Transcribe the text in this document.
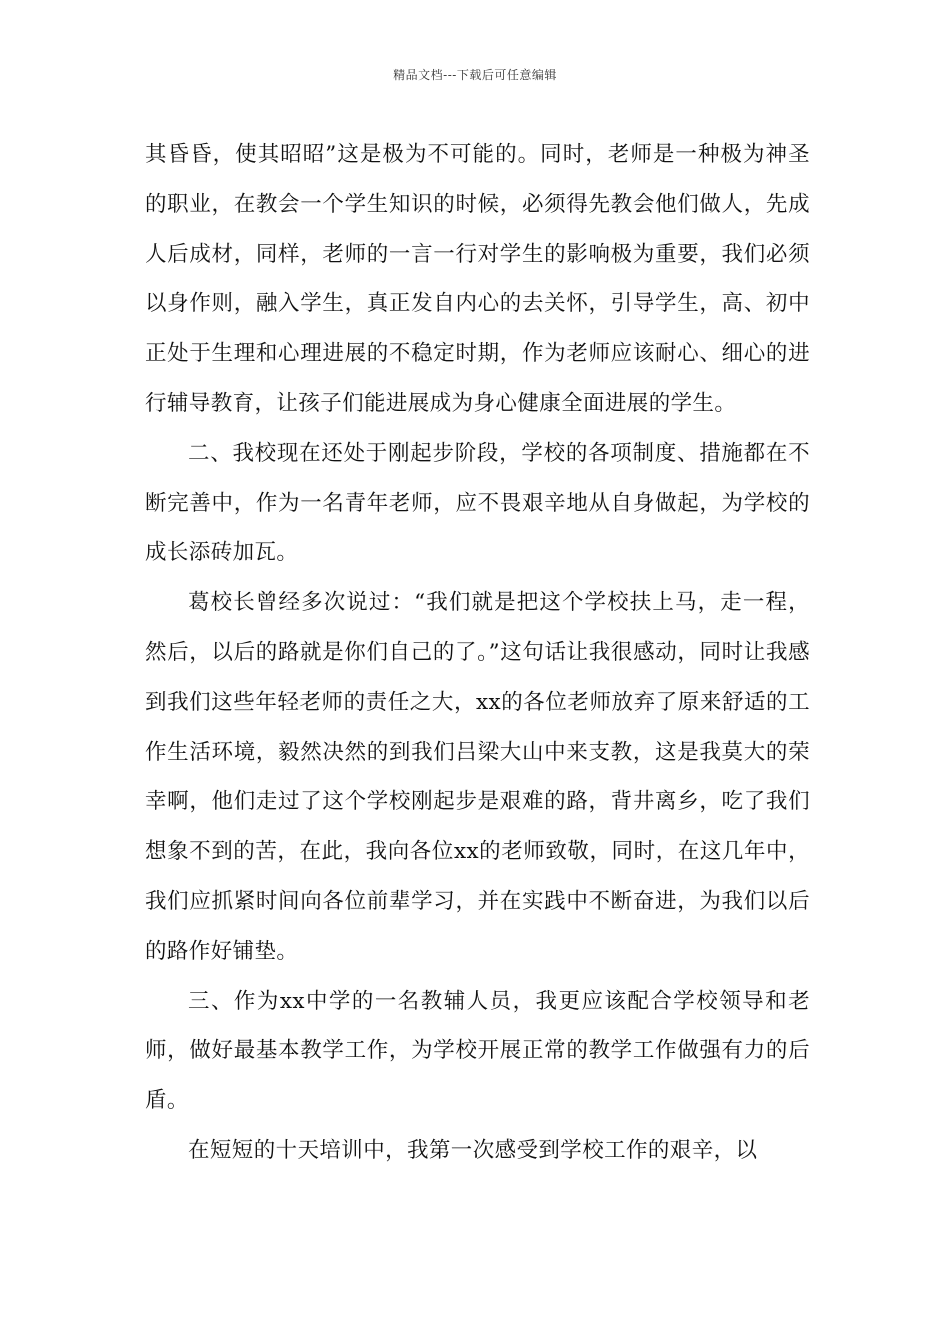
精品文档---下载后可任意编辑

其昏昏，使其昭昭”这是极为不可能的。同时，老师是一种极为神圣的职业，在教会一个学生知识的时候，必须得先教会他们做人，先成人后成材，同样，老师的一言一行对学生的影响极为重要，我们必须以身作则，融入学生，真正发自内心的去关怀，引导学生，高、初中正处于生理和心理进展的不稳定时期，作为老师应该耐心、细心的进行辅导教育，让孩子们能进展成为身心健康全面进展的学生。

二、我校现在还处于刚起步阶段，学校的各项制度、措施都在不断完善中，作为一名青年老师，应不畏艰辛地从自身做起，为学校的成长添砖加瓦。

葛校长曾经多次说过：“我们就是把这个学校扶上马，走一程，然后，以后的路就是你们自己的了。”这句话让我很感动，同时让我感到我们这些年轻老师的责任之大，xx的各位老师放弃了原来舒适的工作生活环境，毅然决然的到我们吕梁大山中来支教，这是我莫大的荣幸啊，他们走过了这个学校刚起步是艰难的路，背井离乡，吃了我们想象不到的苦，在此，我向各位xx的老师致敬，同时，在这几年中，我们应抓紧时间向各位前辈学习，并在实践中不断奋进，为我们以后的路作好铺垫。

三、作为xx中学的一名教辅人员，我更应该配合学校领导和老师，做好最基本教学工作，为学校开展正常的教学工作做强有力的后盾。

在短短的十天培训中，我第一次感受到学校工作的艰辛，以
